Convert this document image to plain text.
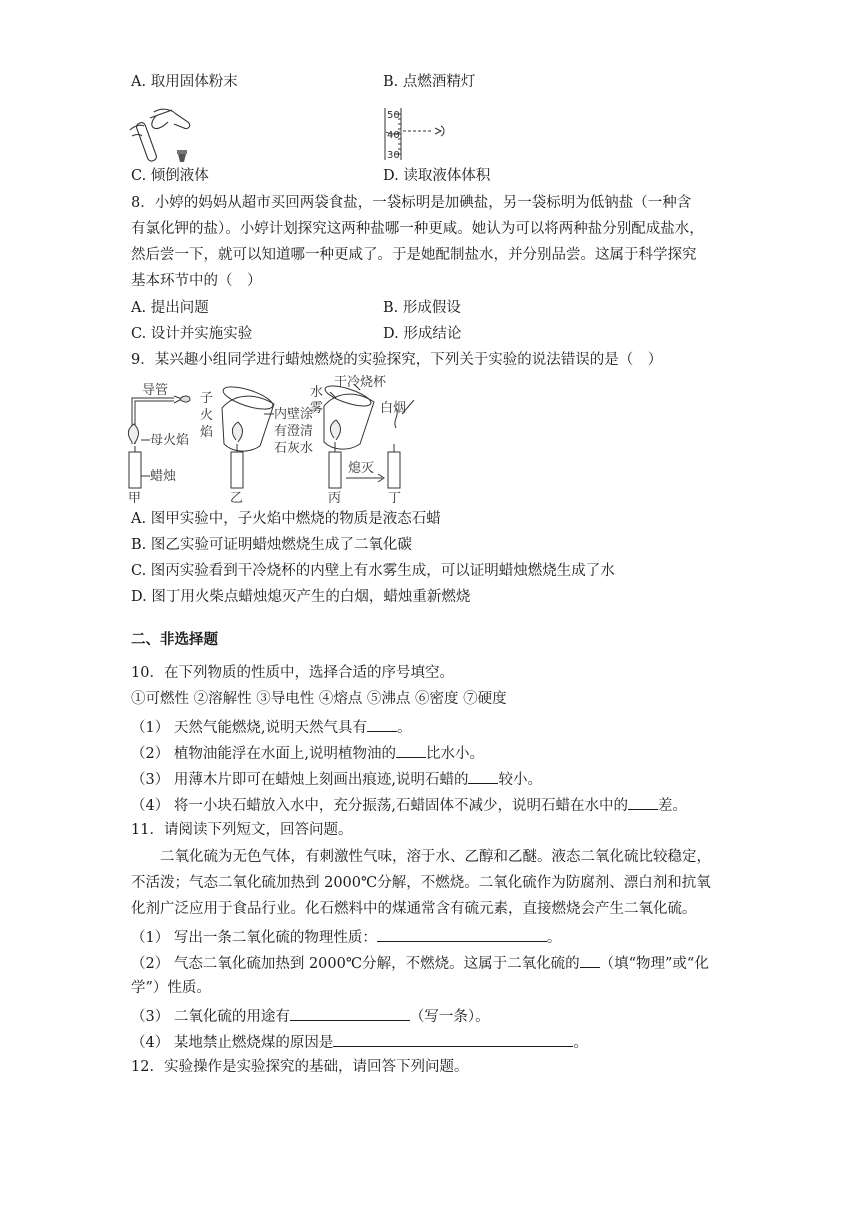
A. 取用固体粉末	B. 点燃酒精灯
50
40
30
C. 倾倒液体	D. 读取液体体积
8．小婷的妈妈从超市买回两袋食盐，一袋标明是加碘盐，另一袋标明为低钠盐（一种含
有氯化钾的盐）。小婷计划探究这两种盐哪一种更咸。她认为可以将两种盐分别配成盐水，
然后尝一下，就可以知道哪一种更咸了。于是她配制盐水，并分别品尝。这属于科学探究
基本环节中的（　）
A. 提出问题	B. 形成假设
C. 设计并实施实验	D. 形成结论
9．某兴趣小组同学进行蜡烛燃烧的实验探究，下列关于实验的说法错误的是（　）
导管
子
火
焰
母火焰
蜡烛
甲
内壁涂
有澄清
石灰水
乙
水
雾
干冷烧杯
丙
白烟
熄灭
丁
A. 图甲实验中，子火焰中燃烧的物质是液态石蜡
B. 图乙实验可证明蜡烛燃烧生成了二氧化碳
C. 图丙实验看到干冷烧杯的内壁上有水雾生成，可以证明蜡烛燃烧生成了水
D. 图丁用火柴点蜡烛熄灭产生的白烟，蜡烛重新燃烧
二、非选择题
10．在下列物质的性质中，选择合适的序号填空。
①可燃性 ②溶解性 ③导电性 ④熔点 ⑤沸点 ⑥密度 ⑦硬度
（1） 天然气能燃烧,说明天然气具有 。
（2） 植物油能浮在水面上,说明植物油的 比水小。
（3） 用薄木片即可在蜡烛上刻画出痕迹,说明石蜡的 较小。
（4） 将一小块石蜡放入水中，充分振荡,石蜡固体不减少，说明石蜡在水中的 差。
11．请阅读下列短文，回答问题。
二氧化硫为无色气体，有刺激性气味，溶于水、乙醇和乙醚。液态二氧化硫比较稳定，
不活泼；气态二氧化硫加热到 2000℃分解，不燃烧。二氧化硫作为防腐剂、漂白剂和抗氧
化剂广泛应用于食品行业。化石燃料中的煤通常含有硫元素，直接燃烧会产生二氧化硫。
（1） 写出一条二氧化硫的物理性质：	。
（2） 气态二氧化硫加热到 2000℃分解，不燃烧。这属于二氧化硫的 （填“物理”或“化
学”）性质。
（3） 二氧化硫的用途有	（写一条）。
（4） 某地禁止燃烧煤的原因是	。
12．实验操作是实验探究的基础，请回答下列问题。
